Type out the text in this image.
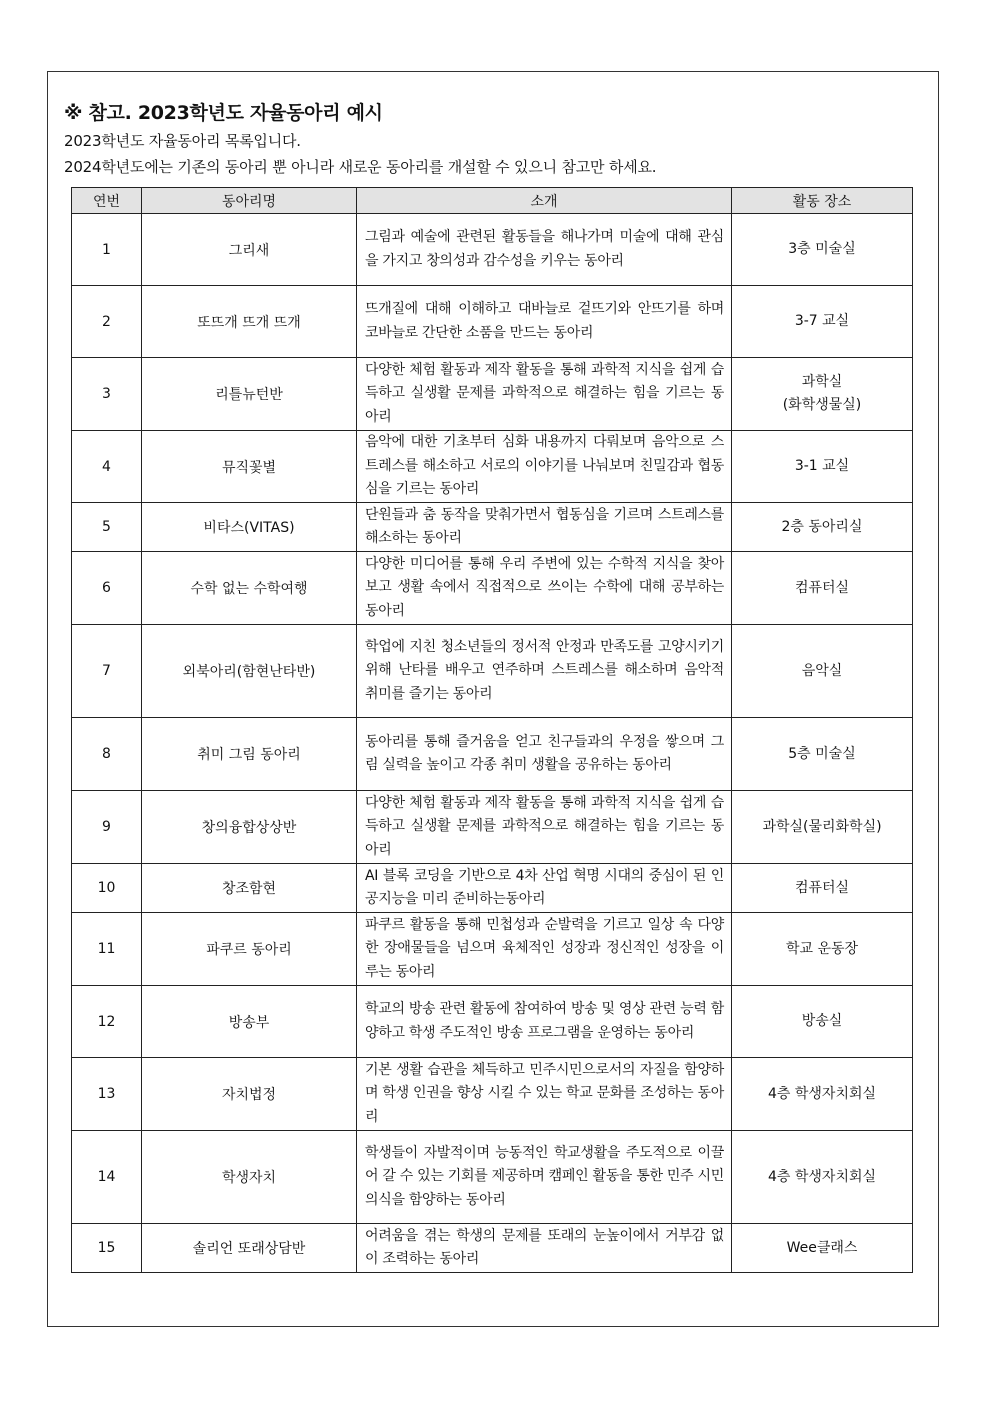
※ 참고. 2023학년도 자율동아리 예시
2023학년도 자율동아리 목록입니다.
2024학년도에는 기존의 동아리 뿐 아니라 새로운 동아리를 개설할 수 있으니 참고만 하세요.
연번	동아리명	소개	활동 장소
1	그리새	그림과 예술에 관련된 활동들을 해나가며 미술에 대해 관심을 가지고 창의성과 감수성을 키우는 동아리	3층 미술실
2	또뜨개 뜨개 뜨개	뜨개질에 대해 이해하고 대바늘로 겉뜨기와 안뜨기를 하며 코바늘로 간단한 소품을 만드는 동아리	3-7 교실
3	리틀뉴턴반	다양한 체험 활동과 제작 활동을 통해 과학적 지식을 쉽게 습득하고 실생활 문제를 과학적으로 해결하는 힘을 기르는 동아리	과학실
(화학생물실)
4	뮤직꽃별	음악에 대한 기초부터 심화 내용까지 다뤄보며 음악으로 스트레스를 해소하고 서로의 이야기를 나눠보며 친밀감과 협동심을 기르는 동아리	3-1 교실
5	비타스(VITAS)	단원들과 춤 동작을 맞춰가면서 협동심을 기르며 스트레스를 해소하는 동아리	2층 동아리실
6	수학 없는 수학여행	다양한 미디어를 통해 우리 주변에 있는 수학적 지식을 찾아보고 생활 속에서 직접적으로 쓰이는 수학에 대해 공부하는 동아리	컴퓨터실
7	외북아리(함현난타반)	학업에 지친 청소년들의 정서적 안정과 만족도를 고양시키기 위해 난타를 배우고 연주하며 스트레스를 해소하며 음악적 취미를 즐기는 동아리	음악실
8	취미 그림 동아리	동아리를 통해 즐거움을 얻고 친구들과의 우정을 쌓으며 그림 실력을 높이고 각종 취미 생활을 공유하는 동아리	5층 미술실
9	창의융합상상반	다양한 체험 활동과 제작 활동을 통해 과학적 지식을 쉽게 습득하고 실생활 문제를 과학적으로 해결하는 힘을 기르는 동아리	과학실(물리화학실)
10	창조함현	AI 블록 코딩을 기반으로 4차 산업 혁명 시대의 중심이 된 인공지능을 미리 준비하는동아리	컴퓨터실
11	파쿠르 동아리	파쿠르 활동을 통해 민첩성과 순발력을 기르고 일상 속 다양한 장애물들을 넘으며 육체적인 성장과 정신적인 성장을 이루는 동아리	학교 운동장
12	방송부	학교의 방송 관련 활동에 참여하여 방송 및 영상 관련 능력 함양하고 학생 주도적인 방송 프로그램을 운영하는 동아리	방송실
13	자치법정	기본 생활 습관을 체득하고 민주시민으로서의 자질을 함양하며 학생 인권을 향상 시킬 수 있는 학교 문화를 조성하는 동아리	4층 학생자치회실
14	학생자치	학생들이 자발적이며 능동적인 학교생활을 주도적으로 이끌어 갈 수 있는 기회를 제공하며 캠페인 활동을 통한 민주 시민 의식을 함양하는 동아리	4층 학생자치회실
15	솔리언 또래상담반	어려움을 겪는 학생의 문제를 또래의 눈높이에서 거부감 없이 조력하는 동아리	Wee클래스
